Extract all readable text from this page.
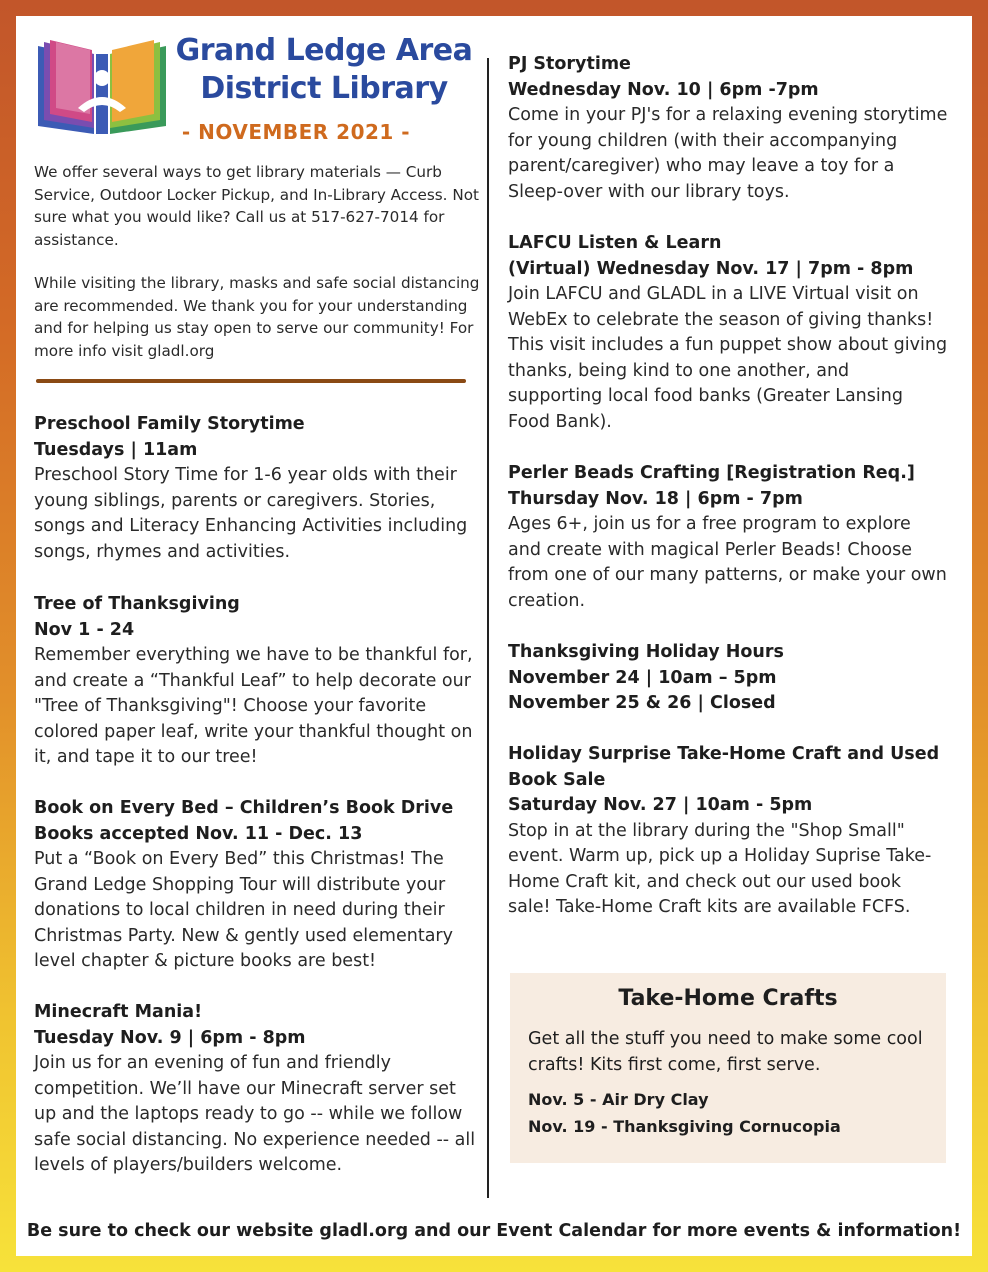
Grand Ledge Area
District Library
- NOVEMBER 2021 -
We offer several ways to get library materials — Curb Service, Outdoor Locker Pickup, and In-Library Access. Not sure what you would like? Call us at 517-627-7014 for assistance.
While visiting the library, masks and safe social distancing are recommended. We thank you for your understanding and for helping us stay open to serve our community! For more info visit gladl.org
Preschool Family Storytime
Tuesdays | 11am
Preschool Story Time for 1-6 year olds with their young siblings, parents or caregivers. Stories, songs and Literacy Enhancing Activities including songs, rhymes and activities.
Tree of Thanksgiving
Nov 1 - 24
Remember everything we have to be thankful for, and create a “Thankful Leaf” to help decorate our "Tree of Thanksgiving"! Choose your favorite colored paper leaf, write your thankful thought on it, and tape it to our tree!
Book on Every Bed – Children’s Book Drive
Books accepted Nov. 11 - Dec. 13
Put a “Book on Every Bed” this Christmas! The Grand Ledge Shopping Tour will distribute your donations to local children in need during their Christmas Party. New & gently used elementary level chapter & picture books are best!
Minecraft Mania!
Tuesday Nov. 9 | 6pm - 8pm
Join us for an evening of fun and friendly competition. We’ll have our Minecraft server set up and the laptops ready to go -- while we follow safe social distancing. No experience needed -- all levels of players/builders welcome.
PJ Storytime
Wednesday Nov. 10 | 6pm -7pm
Come in your PJ's for a relaxing evening storytime for young children (with their accompanying parent/caregiver) who may leave a toy for a Sleep-over with our library toys.
LAFCU Listen & Learn
(Virtual) Wednesday Nov. 17 | 7pm - 8pm
Join LAFCU and GLADL in a LIVE Virtual visit on WebEx to celebrate the season of giving thanks! This visit includes a fun puppet show about giving thanks, being kind to one another, and supporting local food banks (Greater Lansing Food Bank).
Perler Beads Crafting [Registration Req.]
Thursday Nov. 18 | 6pm - 7pm
Ages 6+, join us for a free program to explore and create with magical Perler Beads! Choose from one of our many patterns, or make your own creation.
Thanksgiving Holiday Hours
November 24 | 10am – 5pm
November 25 & 26 | Closed
Holiday Surprise Take-Home Craft and Used Book Sale
Saturday Nov. 27 | 10am - 5pm
Stop in at the library during the "Shop Small" event. Warm up, pick up a Holiday Suprise Take-Home Craft kit, and check out our used book sale! Take-Home Craft kits are available FCFS.
Take-Home Crafts
Get all the stuff you need to make some cool crafts! Kits first come, first serve.
Nov. 5 - Air Dry Clay
Nov. 19 - Thanksgiving Cornucopia
Be sure to check our website gladl.org and our Event Calendar for more events & information!
